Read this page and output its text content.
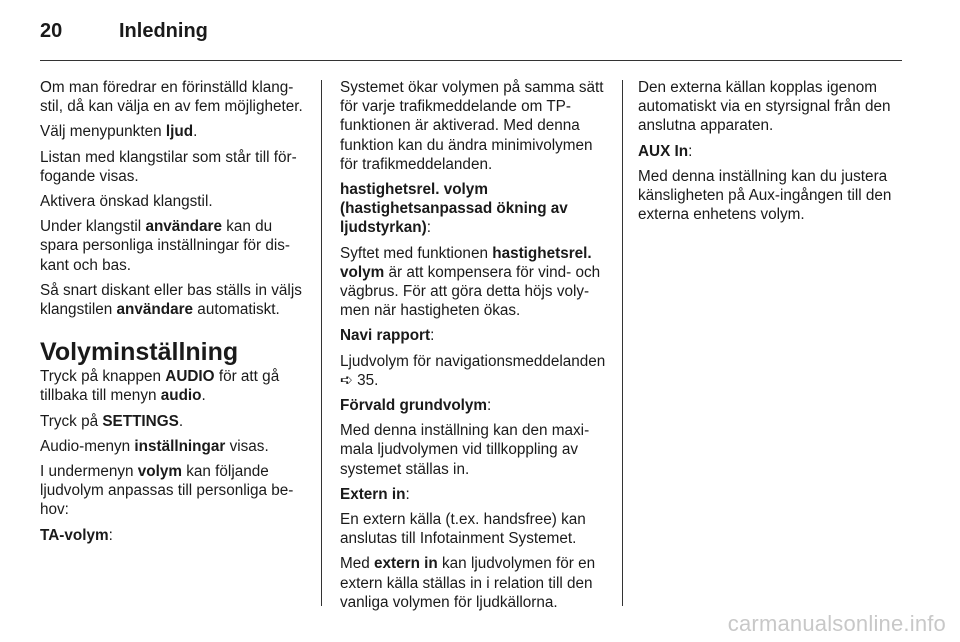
20	Inledning

Om man föredrar en förinställd klangstil, då kan välja en av fem möjligheter.

Välj menypunkten ljud.

Listan med klangstilar som står till förfogande visas.

Aktivera önskad klangstil.

Under klangstil användare kan du spara personliga inställningar för diskant och bas.

Så snart diskant eller bas ställs in väljs klangstilen användare automatiskt.

Volyminställning

Tryck på knappen AUDIO för att gå tillbaka till menyn audio.

Tryck på SETTINGS.

Audio-menyn inställningar visas.

I undermenyn volym kan följande ljudvolym anpassas till personliga behov:

TA-volym:

Systemet ökar volymen på samma sätt för varje trafikmeddelande om TP-funktionen är aktiverad. Med denna funktion kan du ändra minimivolymen för trafikmeddelanden.

hastighetsrel. volym (hastighetsanpassad ökning av ljudstyrkan):

Syftet med funktionen hastighetsrel. volym är att kompensera för vind- och vägbrus. För att göra detta höjs volymen när hastigheten ökas.

Navi rapport:

Ljudvolym för navigationsmeddelanden ➪ 35.

Förvald grundvolym:

Med denna inställning kan den maximala ljudvolymen vid tillkoppling av systemet ställas in.

Extern in:

En extern källa (t.ex. handsfree) kan anslutas till Infotainment Systemet.

Med extern in kan ljudvolymen för en extern källa ställas in i relation till den vanliga volymen för ljudkällorna.

Den externa källan kopplas igenom automatiskt via en styrsignal från den anslutna apparaten.

AUX In:

Med denna inställning kan du justera känsligheten på Aux-ingången till den externa enhetens volym.

carmanualsonline.info
